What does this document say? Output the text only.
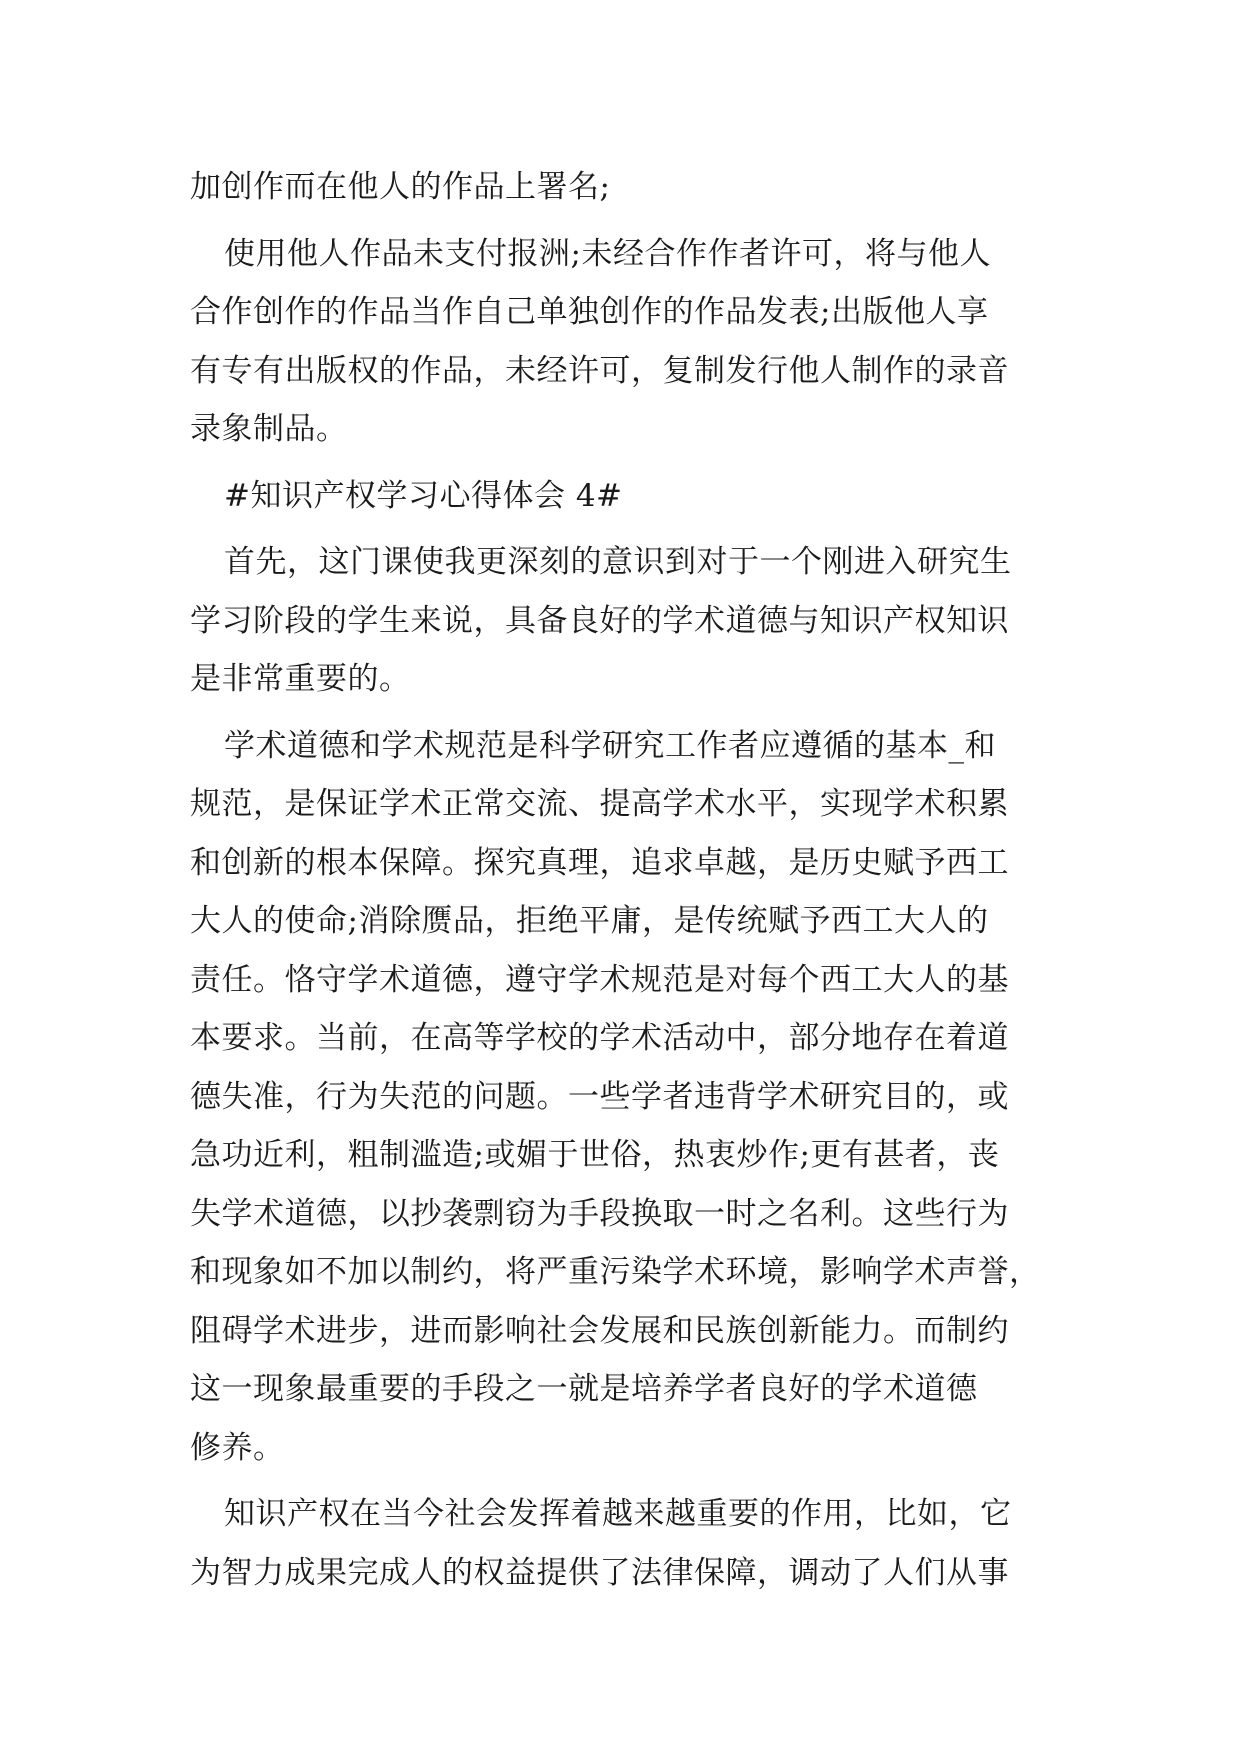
加创作而在他人的作品上署名;
使用他人作品未支付报洲;未经合作作者许可，将与他人
合作创作的作品当作自己单独创作的作品发表;出版他人享
有专有出版权的作品，未经许可，复制发行他人制作的录音
录象制品。
#知识产权学习心得体会 4#
首先，这门课使我更深刻的意识到对于一个刚进入研究生
学习阶段的学生来说，具备良好的学术道德与知识产权知识
是非常重要的。
学术道德和学术规范是科学研究工作者应遵循的基本_和
规范，是保证学术正常交流、提高学术水平，实现学术积累
和创新的根本保障。探究真理，追求卓越，是历史赋予西工
大人的使命;消除赝品，拒绝平庸，是传统赋予西工大人的
责任。恪守学术道德，遵守学术规范是对每个西工大人的基
本要求。当前，在高等学校的学术活动中，部分地存在着道
德失准，行为失范的问题。一些学者违背学术研究目的，或
急功近利，粗制滥造;或媚于世俗，热衷炒作;更有甚者，丧
失学术道德，以抄袭剽窃为手段换取一时之名利。这些行为
和现象如不加以制约，将严重污染学术环境，影响学术声誉，
阻碍学术进步，进而影响社会发展和民族创新能力。而制约
这一现象最重要的手段之一就是培养学者良好的学术道德
修养。
知识产权在当今社会发挥着越来越重要的作用，比如，它
为智力成果完成人的权益提供了法律保障，调动了人们从事
